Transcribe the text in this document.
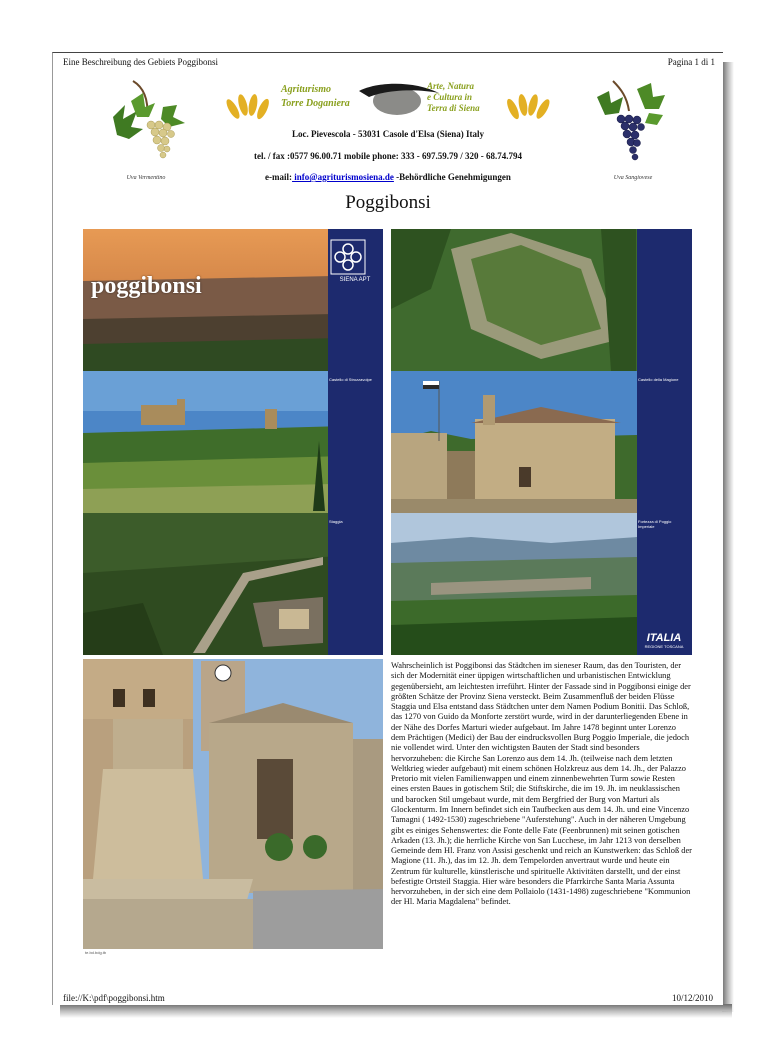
Eine Beschreibung des Gebiets Poggibonsi	Pagina 1 di 1
Uva Vermentino	Uva Sangiovese
Agriturismo
Torre Doganiera
Arte, Natura
e Cultura in
Terra di Siena
Loc. Pievescola - 53031 Casole d'Elsa (Siena) Italy
tel. / fax :0577 96.00.71 mobile phone: 333 - 697.59.79 / 320 - 68.74.794
e-mail: info@agriturismosiena.de -Behördliche Genehmigungen
Poggibonsi
poggibonsi	SIENA APT
Castello di Strozzavolpe
Staggia
Castello della Magione
Fortezza di Poggio Imperiale
ITALIA
REGIONE TOSCANA
te.bd.bdg.tb
Wahrscheinlich ist Poggibonsi das Städtchen im sieneser Raum, das den Touristen, der sich der Modernität einer üppigen wirtschaftlichen und urbanistischen Entwicklung gegenübersieht, am leichtesten irreführt. Hinter der Fassade sind in Poggibonsi einige der größten Schätze der Provinz Siena versteckt. Beim Zusammenfluß der beiden Flüsse Staggia und Elsa entstand dass Städtchen unter dem Namen Podium Bonitii. Das Schloß, das 1270 von Guido da Monforte zerstört wurde, wird in der darunterliegenden Ebene in der Nähe des Dorfes Marturi wieder aufgebaut. Im Jahre 1478 beginnt unter Lorenzo dem Prächtigen (Medici) der Bau der eindrucksvollen Burg Poggio Imperiale, die jedoch nie vollendet wird. Unter den wichtigsten Bauten der Stadt sind besonders hervorzuheben: die Kirche San Lorenzo aus dem 14. Jh. (teilweise nach dem letzten Weltkrieg wieder aufgebaut) mit einem schönen Holzkreuz aus dem 14. Jh., der Palazzo Pretorio mit vielen Familienwappen und einem zinnenbewehrten Turm sowie Resten eines ersten Baues in gotischem Stil; die Stiftskirche, die im 19. Jh. im neuklassischen und barocken Stil umgebaut wurde, mit dem Bergfried der Burg von Marturi als Glockenturm. Im Innern befindet sich ein Taufbecken aus dem 14. Jh. und eine Vincenzo Tamagni ( 1492-1530) zugeschriebene "Auferstehung". Auch in der näheren Umgebung gibt es einiges Sehenswertes: die Fonte delle Fate (Feenbrunnen) mit seinen gotischen Arkaden (13. Jh.); die herrliche Kirche von San Lucchese, im Jahr 1213 von derselben Gemeinde dem Hl. Franz von Assisi geschenkt und reich an Kunstwerken: das Schloß der Magione (11. Jh.), das im 12. Jh. dem Tempelorden anvertraut wurde und heute ein Zentrum für kulturelle, künstlerische und spirituelle Aktivitäten darstellt, und der einst befestigte Ortsteil Staggia. Hier wäre besonders die Pfarrkirche Santa Maria Assunta hervorzuheben, in der sich eine dem Pollaiolo (1431-1498) zugeschriebene "Kommunion der Hl. Maria Magdalena" befindet.
file://K:\pdf\poggibonsi.htm	10/12/2010
